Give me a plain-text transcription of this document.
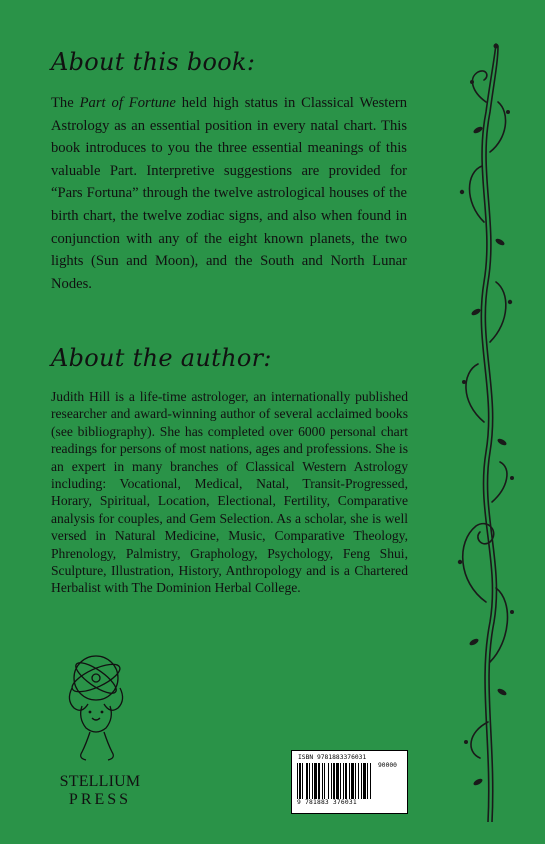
About this book:

The Part of Fortune held high status in Classical Western Astrology as an essential position in every natal chart. This book introduces to you the three essential meanings of this valuable Part. Interpretive suggestions are provided for “Pars Fortuna” through the twelve astrological houses of the birth chart, the twelve zodiac signs, and also when found in conjunction with any of the eight known planets, the two lights (Sun and Moon), and the South and North Lunar Nodes.

About the author:

Judith Hill is a life-time astrologer, an internationally published researcher and award-winning author of several acclaimed books (see bibliography). She has completed over 6000 personal chart readings for persons of most nations, ages and professions. She is an expert in many branches of Classical Western Astrology including: Vocational, Medical, Natal, Transit-Progressed, Horary, Spiritual, Location, Electional, Fertility, Comparative analysis for couples, and Gem Selection. As a scholar, she is well versed in Natural Medicine, Music, Comparative Theology, Phrenology, Palmistry, Graphology, Psychology, Feng Shui, Sculpture, Illustration, History, Anthropology and is a Chartered Herbalist with The Dominion Herbal College.

STELLIUM
PRESS
ISBN 9781883376031
90000
9 781883 376031
